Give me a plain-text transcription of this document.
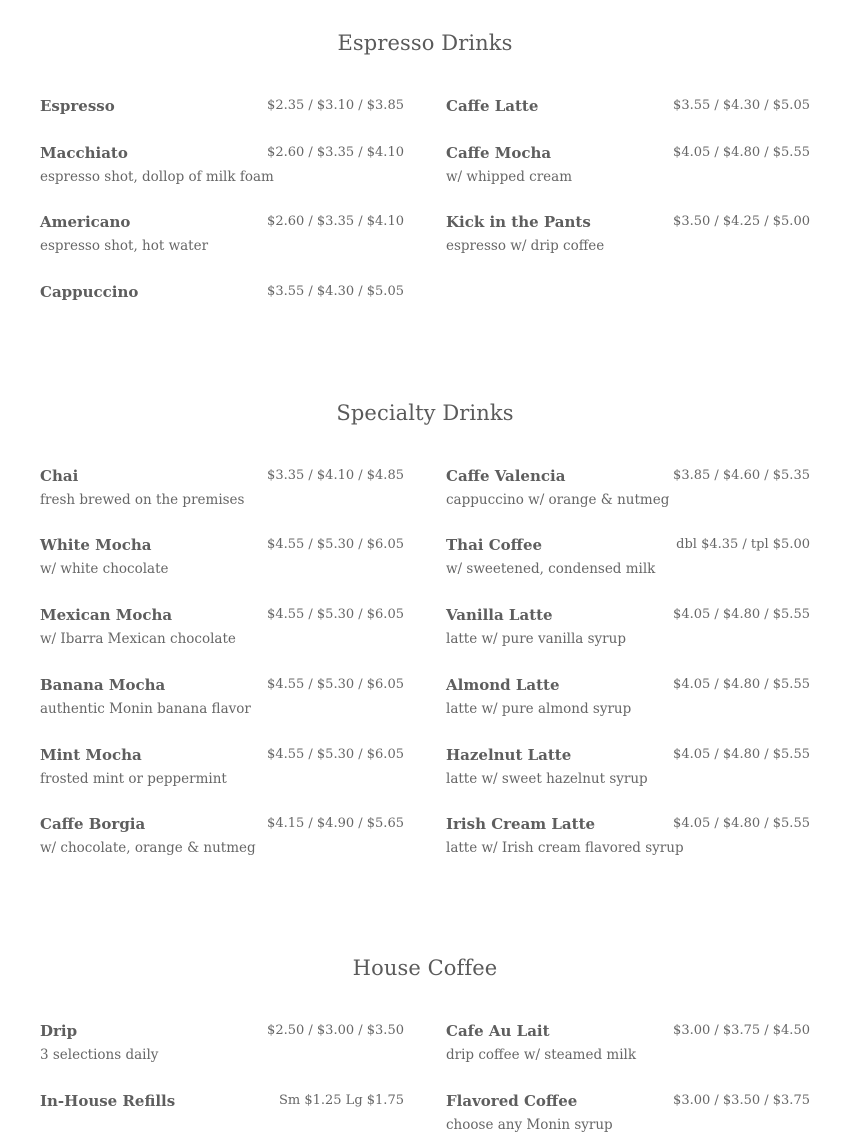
Espresso Drinks
Espresso	$2.35 / $3.10 / $3.85
Macchiato	$2.60 / $3.35 / $4.10
espresso shot, dollop of milk foam
Americano	$2.60 / $3.35 / $4.10
espresso shot, hot water
Cappuccino	$3.55 / $4.30 / $5.05
Caffe Latte	$3.55 / $4.30 / $5.05
Caffe Mocha	$4.05 / $4.80 / $5.55
w/ whipped cream
Kick in the Pants	$3.50 / $4.25 / $5.00
espresso w/ drip coffee
Specialty Drinks
Chai	$3.35 / $4.10 / $4.85
fresh brewed on the premises
White Mocha	$4.55 / $5.30 / $6.05
w/ white chocolate
Mexican Mocha	$4.55 / $5.30 / $6.05
w/ Ibarra Mexican chocolate
Banana Mocha	$4.55 / $5.30 / $6.05
authentic Monin banana flavor
Mint Mocha	$4.55 / $5.30 / $6.05
frosted mint or peppermint
Caffe Borgia	$4.15 / $4.90 / $5.65
w/ chocolate, orange & nutmeg
Caffe Valencia	$3.85 / $4.60 / $5.35
cappuccino w/ orange & nutmeg
Thai Coffee	dbl $4.35 / tpl $5.00
w/ sweetened, condensed milk
Vanilla Latte	$4.05 / $4.80 / $5.55
latte w/ pure vanilla syrup
Almond Latte	$4.05 / $4.80 / $5.55
latte w/ pure almond syrup
Hazelnut Latte	$4.05 / $4.80 / $5.55
latte w/ sweet hazelnut syrup
Irish Cream Latte	$4.05 / $4.80 / $5.55
latte w/ Irish cream flavored syrup
House Coffee
Drip	$2.50 / $3.00 / $3.50
3 selections daily
In-House Refills	Sm $1.25 Lg $1.75
Cafe Au Lait	$3.00 / $3.75 / $4.50
drip coffee w/ steamed milk
Flavored Coffee	$3.00 / $3.50 / $3.75
choose any Monin syrup
